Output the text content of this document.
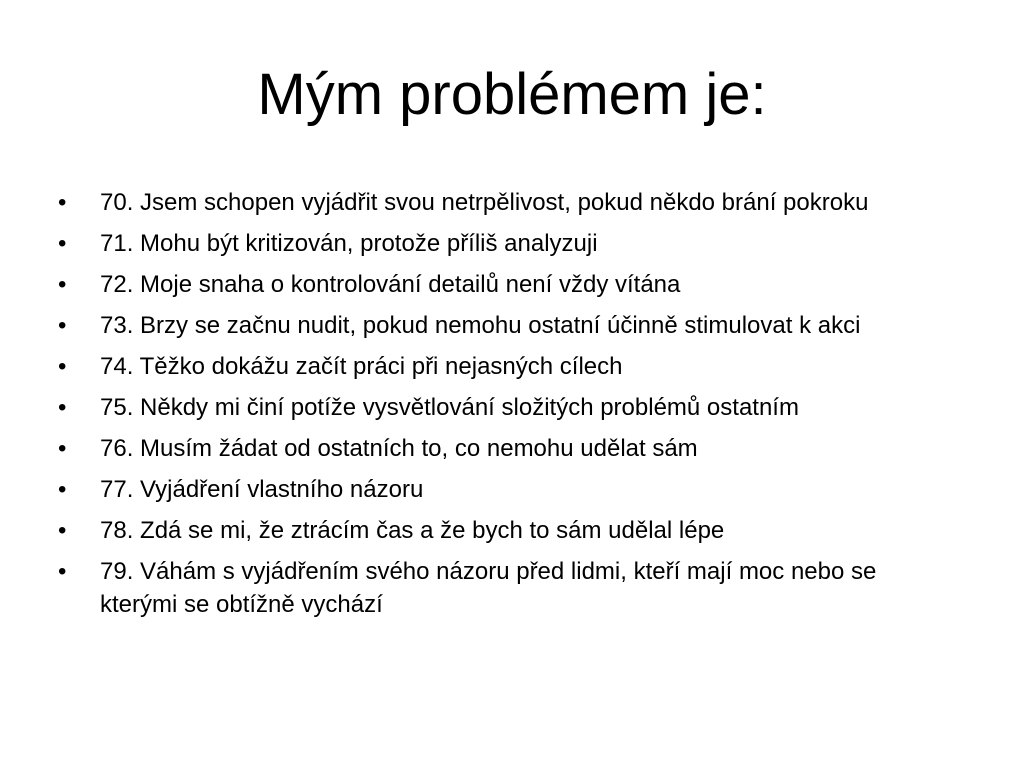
Mým problémem je:
•	70. Jsem schopen vyjádřit svou netrpělivost, pokud někdo brání pokroku
•	71. Mohu být kritizován, protože příliš analyzuji
•	72. Moje snaha o kontrolování detailů není vždy vítána
•	73. Brzy se začnu nudit, pokud nemohu ostatní účinně stimulovat k akci
•	74. Těžko dokážu začít práci při nejasných cílech
•	75. Někdy mi činí potíže vysvětlování složitých problémů ostatním
•	76. Musím žádat od ostatních to, co nemohu udělat sám
•	77. Vyjádření vlastního názoru
•	78. Zdá se mi, že ztrácím čas a že bych to sám udělal lépe
•	79. Váhám s vyjádřením svého názoru před lidmi, kteří mají moc nebo se kterými se obtížně vychází
